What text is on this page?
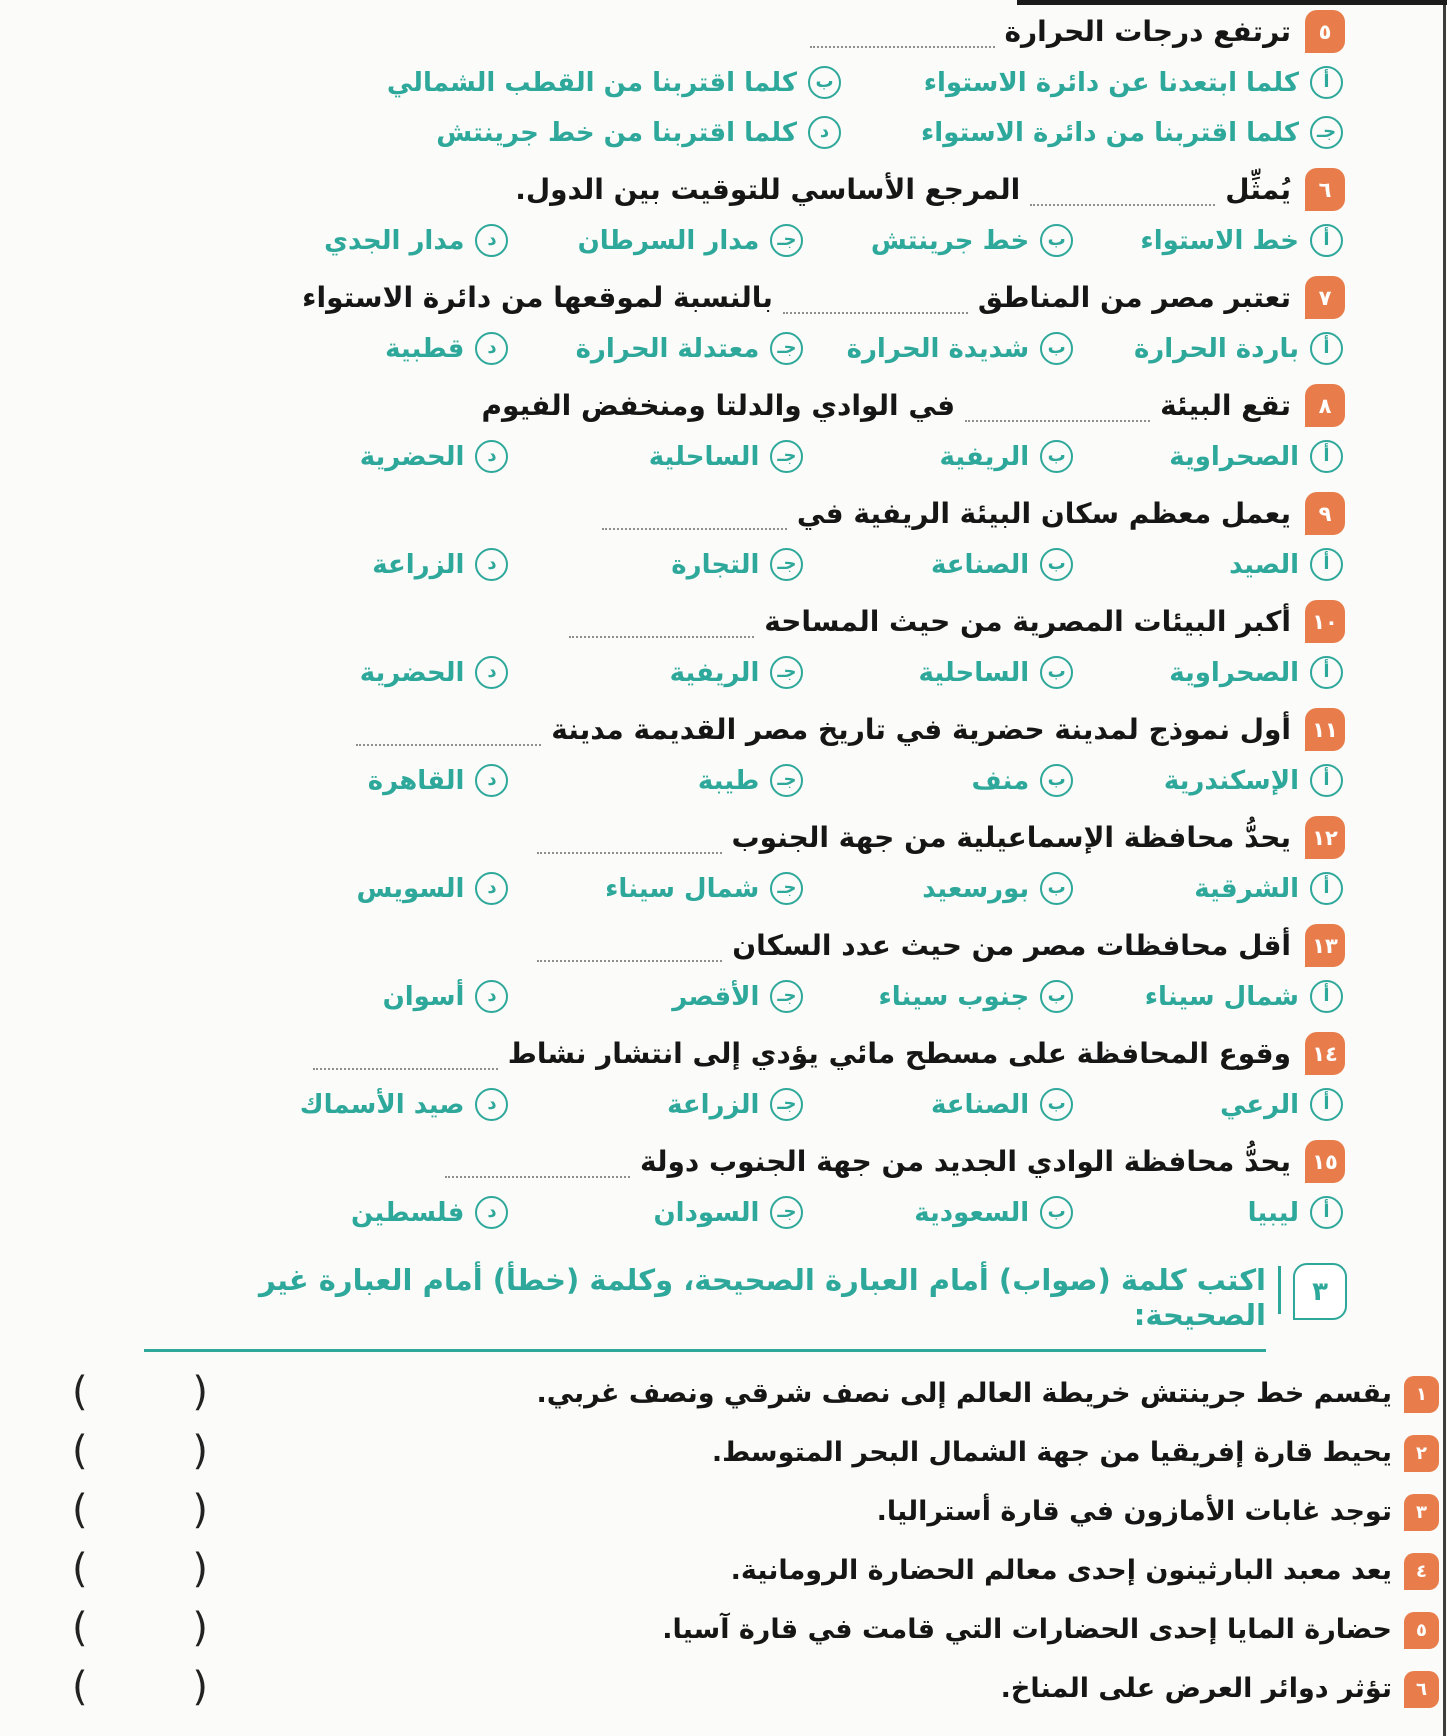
٥
ترتفع درجات الحرارة
أ
كلما ابتعدنا عن دائرة الاستواء
ب
كلما اقتربنا من القطب الشمالي
جـ
كلما اقتربنا من دائرة الاستواء
د
كلما اقتربنا من خط جرينتش
٦
يُمثِّلالمرجع الأساسي للتوقيت بين الدول.
أ
خط الاستواء
ب
خط جرينتش
جـ
مدار السرطان
د
مدار الجدي
٧
تعتبر مصر من المناطقبالنسبة لموقعها من دائرة الاستواء
أ
باردة الحرارة
ب
شديدة الحرارة
جـ
معتدلة الحرارة
د
قطبية
٨
تقع البيئةفي الوادي والدلتا ومنخفض الفيوم
أ
الصحراوية
ب
الريفية
جـ
الساحلية
د
الحضرية
٩
يعمل معظم سكان البيئة الريفية في
أ
الصيد
ب
الصناعة
جـ
التجارة
د
الزراعة
١٠
أكبر البيئات المصرية من حيث المساحة
أ
الصحراوية
ب
الساحلية
جـ
الريفية
د
الحضرية
١١
أول نموذج لمدينة حضرية في تاريخ مصر القديمة مدينة
أ
الإسكندرية
ب
منف
جـ
طيبة
د
القاهرة
١٢
يحدُّ محافظة الإسماعيلية من جهة الجنوب
أ
الشرقية
ب
بورسعيد
جـ
شمال سيناء
د
السويس
١٣
أقل محافظات مصر من حيث عدد السكان
أ
شمال سيناء
ب
جنوب سيناء
جـ
الأقصر
د
أسوان
١٤
وقوع المحافظة على مسطح مائي يؤدي إلى انتشار نشاط
أ
الرعي
ب
الصناعة
جـ
الزراعة
د
صيد الأسماك
١٥
يحدُّ محافظة الوادي الجديد من جهة الجنوب دولة
أ
ليبيا
ب
السعودية
جـ
السودان
د
فلسطين
٣
اكتب كلمة (صواب) أمام العبارة الصحيحة، وكلمة (خطأ) أمام العبارة غير الصحيحة:
١
يقسم خط جرينتش خريطة العالم إلى نصف شرقي ونصف غربي.
(	)
٢
يحيط قارة إفريقيا من جهة الشمال البحر المتوسط.
(	)
٣
توجد غابات الأمازون في قارة أستراليا.
(	)
٤
يعد معبد البارثينون إحدى معالم الحضارة الرومانية.
(	)
٥
حضارة المايا إحدى الحضارات التي قامت في قارة آسيا.
(	)
٦
تؤثر دوائر العرض على المناخ.
(	)
